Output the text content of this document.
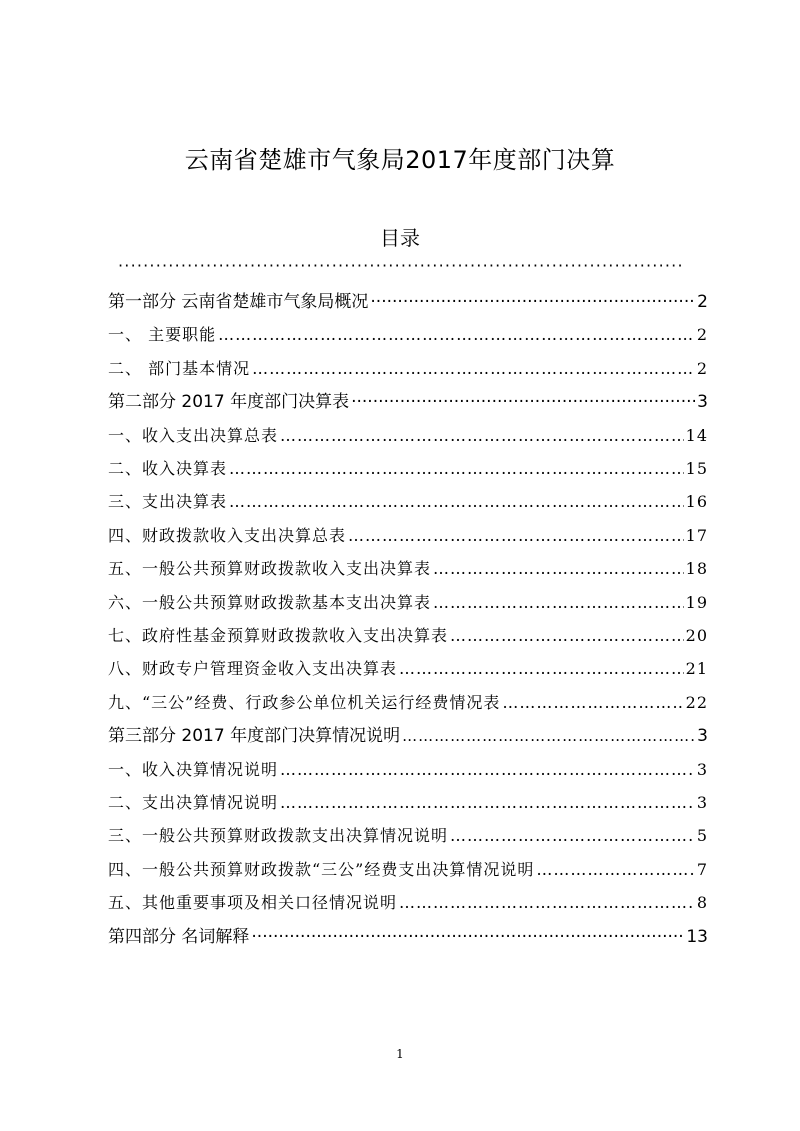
云南省楚雄市气象局2017年度部门决算
目录
··························································································
第一部分 云南省楚雄市气象局概况 ·····	2
一、 主要职能 ………………………………………………………………………………………………………………………………………………………………	2
二、 部门基本情况 ………………………………………………………………………………………………………………………………………………………………	2
第二部分 2017 年度部门决算表 ·····	3
一、收入支出决算总表 ………………………………………………………………………………………………………………………………………………………………	14
二、收入决算表 ………………………………………………………………………………………………………………………………………………………………	15
三、支出决算表 ………………………………………………………………………………………………………………………………………………………………	16
四、财政拨款收入支出决算总表 ………………………………………………………………………………………………………………………………………………………………	17
五、一般公共预算财政拨款收入支出决算表 ………………………………………………………………………………………………………………………………………………………………	18
六、一般公共预算财政拨款基本支出决算表 ………………………………………………………………………………………………………………………………………………………………	19
七、政府性基金预算财政拨款收入支出决算表 ………………………………………………………………………………………………………………………………………………………………	20
八、财政专户管理资金收入支出决算表 ………………………………………………………………………………………………………………………………………………………………	21
九、“三公”经费、行政参公单位机关运行经费情况表 ………………………………………………………………………………………………………………………………………………………………	22
第三部分 2017 年度部门决算情况说明 ………………………………………………………………………………………………………………………………………………………………	3
一、收入决算情况说明 ………………………………………………………………………………………………………………………………………………………………	3
二、支出决算情况说明 ………………………………………………………………………………………………………………………………………………………………	3
三、一般公共预算财政拨款支出决算情况说明 ………………………………………………………………………………………………………………………………………………………………	5
四、一般公共预算财政拨款“三公”经费支出决算情况说明 ………………………………………………………………………………………………………………………………………………………………	7
五、其他重要事项及相关口径情况说明 ………………………………………………………………………………………………………………………………………………………………	8
第四部分 名词解释 ·····	13
1
